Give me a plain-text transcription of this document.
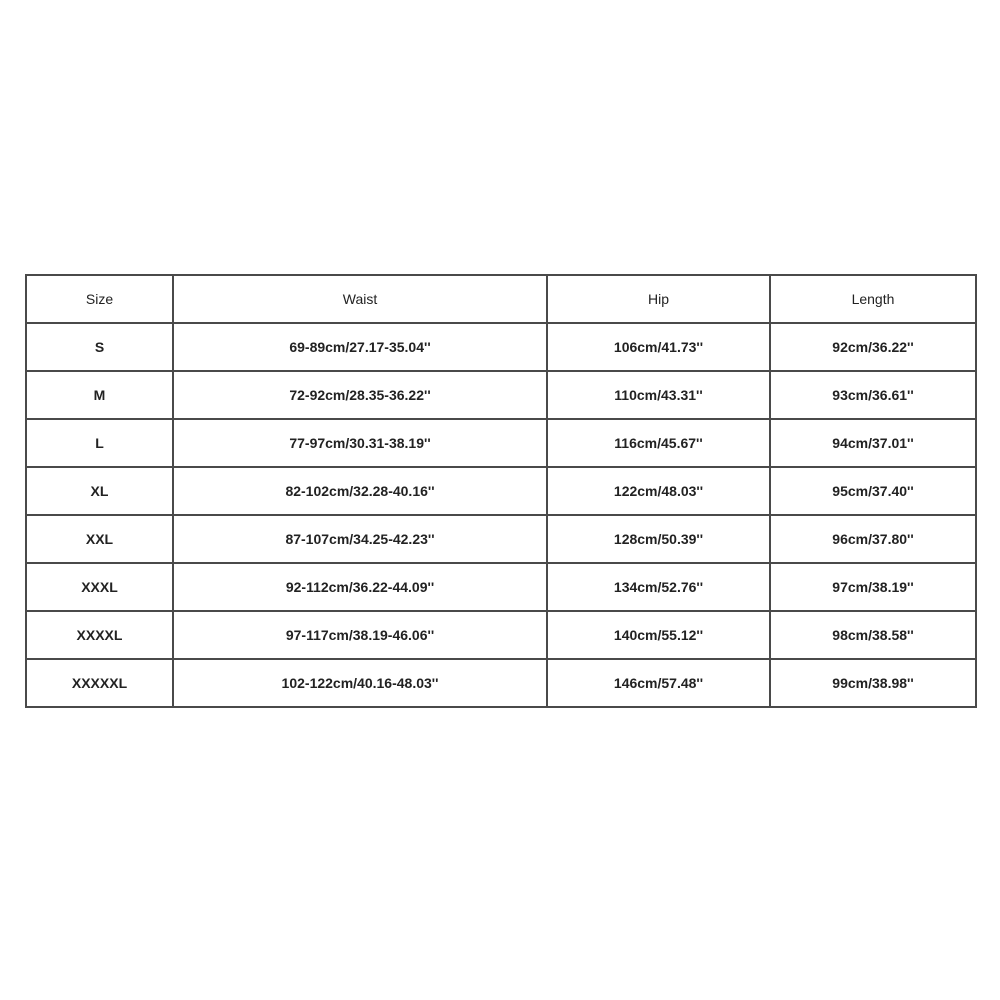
Size	Waist	Hip	Length
S	69-89cm/27.17-35.04''	106cm/41.73''	92cm/36.22''
M	72-92cm/28.35-36.22''	110cm/43.31''	93cm/36.61''
L	77-97cm/30.31-38.19''	116cm/45.67''	94cm/37.01''
XL	82-102cm/32.28-40.16''	122cm/48.03''	95cm/37.40''
XXL	87-107cm/34.25-42.23''	128cm/50.39''	96cm/37.80''
XXXL	92-112cm/36.22-44.09''	134cm/52.76''	97cm/38.19''
XXXXL	97-117cm/38.19-46.06''	140cm/55.12''	98cm/38.58''
XXXXXL	102-122cm/40.16-48.03''	146cm/57.48''	99cm/38.98''
